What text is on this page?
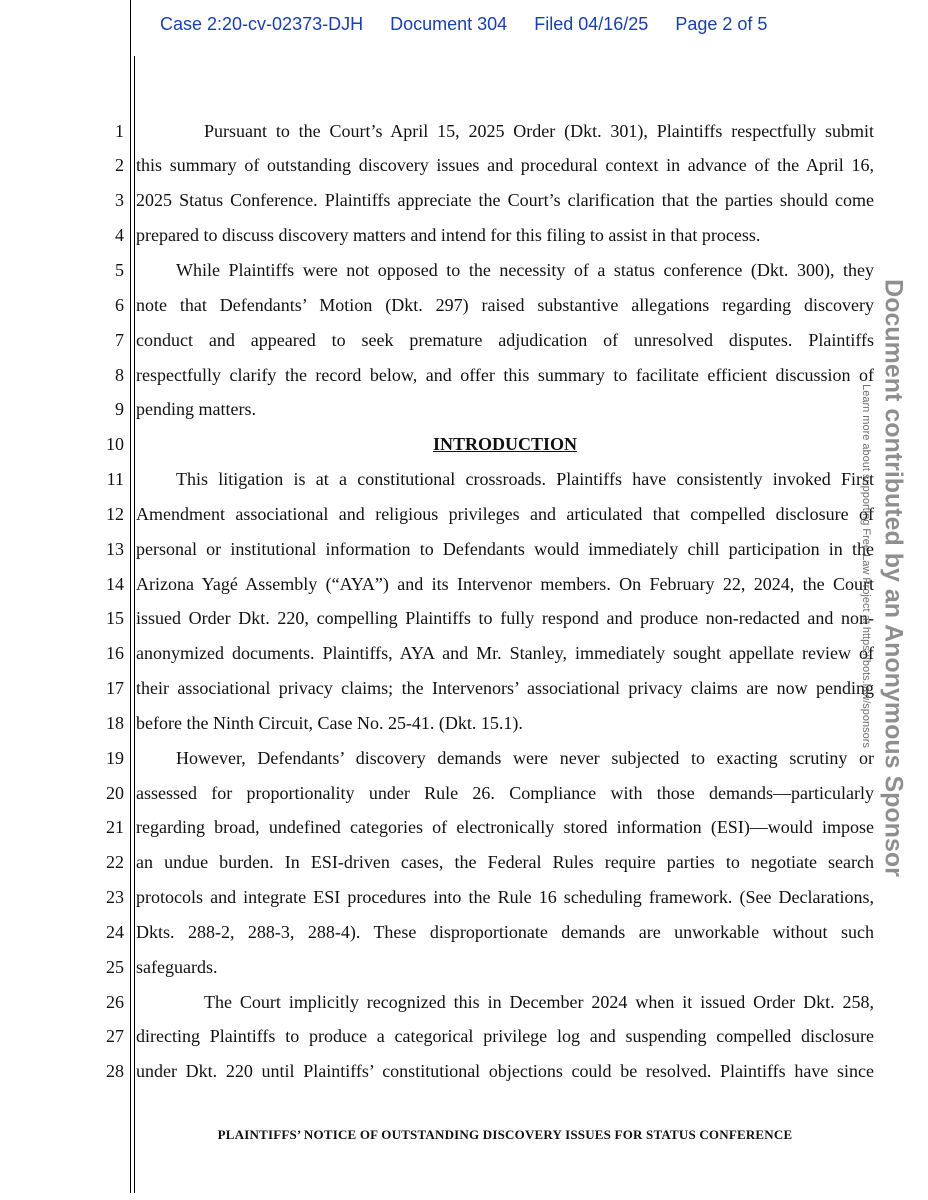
Case 2:20-cv-02373-DJH Document 304 Filed 04/16/25 Page 2 of 5
1
2
3
4
5
6
7
8
9
10
11
12
13
14
15
16
17
18
19
20
21
22
23
24
25
26
27
28
Pursuant to the Court’s April 15, 2025 Order (Dkt. 301), Plaintiffs respectfully submit
this summary of outstanding discovery issues and procedural context in advance of the April 16,
2025 Status Conference. Plaintiffs appreciate the Court’s clarification that the parties should come
prepared to discuss discovery matters and intend for this filing to assist in that process.
While Plaintiffs were not opposed to the necessity of a status conference (Dkt. 300), they
note that Defendants’ Motion (Dkt. 297) raised substantive allegations regarding discovery
conduct and appeared to seek premature adjudication of unresolved disputes. Plaintiffs
respectfully clarify the record below, and offer this summary to facilitate efficient discussion of
pending matters.
INTRODUCTION
This litigation is at a constitutional crossroads. Plaintiffs have consistently invoked First
Amendment associational and religious privileges and articulated that compelled disclosure of
personal or institutional information to Defendants would immediately chill participation in the
Arizona Yagé Assembly (“AYA”) and its Intervenor members. On February 22, 2024, the Court
issued Order Dkt. 220, compelling Plaintiffs to fully respond and produce non-redacted and non-
anonymized documents. Plaintiffs, AYA and Mr. Stanley, immediately sought appellate review of
their associational privacy claims; the Intervenors’ associational privacy claims are now pending
before the Ninth Circuit, Case No. 25-41. (Dkt. 15.1).
However, Defendants’ discovery demands were never subjected to exacting scrutiny or
assessed for proportionality under Rule 26. Compliance with those demands—particularly
regarding broad, undefined categories of electronically stored information (ESI)—would impose
an undue burden. In ESI-driven cases, the Federal Rules require parties to negotiate search
protocols and integrate ESI procedures into the Rule 16 scheduling framework. (See Declarations,
Dkts. 288-2, 288-3, 288-4). These disproportionate demands are unworkable without such
safeguards.
The Court implicitly recognized this in December 2024 when it issued Order Dkt. 258,
directing Plaintiffs to produce a categorical privilege log and suspending compelled disclosure
under Dkt. 220 until Plaintiffs’ constitutional objections could be resolved. Plaintiffs have since
PLAINTIFFS’ NOTICE OF OUTSTANDING DISCOVERY ISSUES FOR STATUS CONFERENCE
Document contributed by an Anonymous Sponsor
Learn more about supporting Free Law Project at https://bots.law/sponsors
